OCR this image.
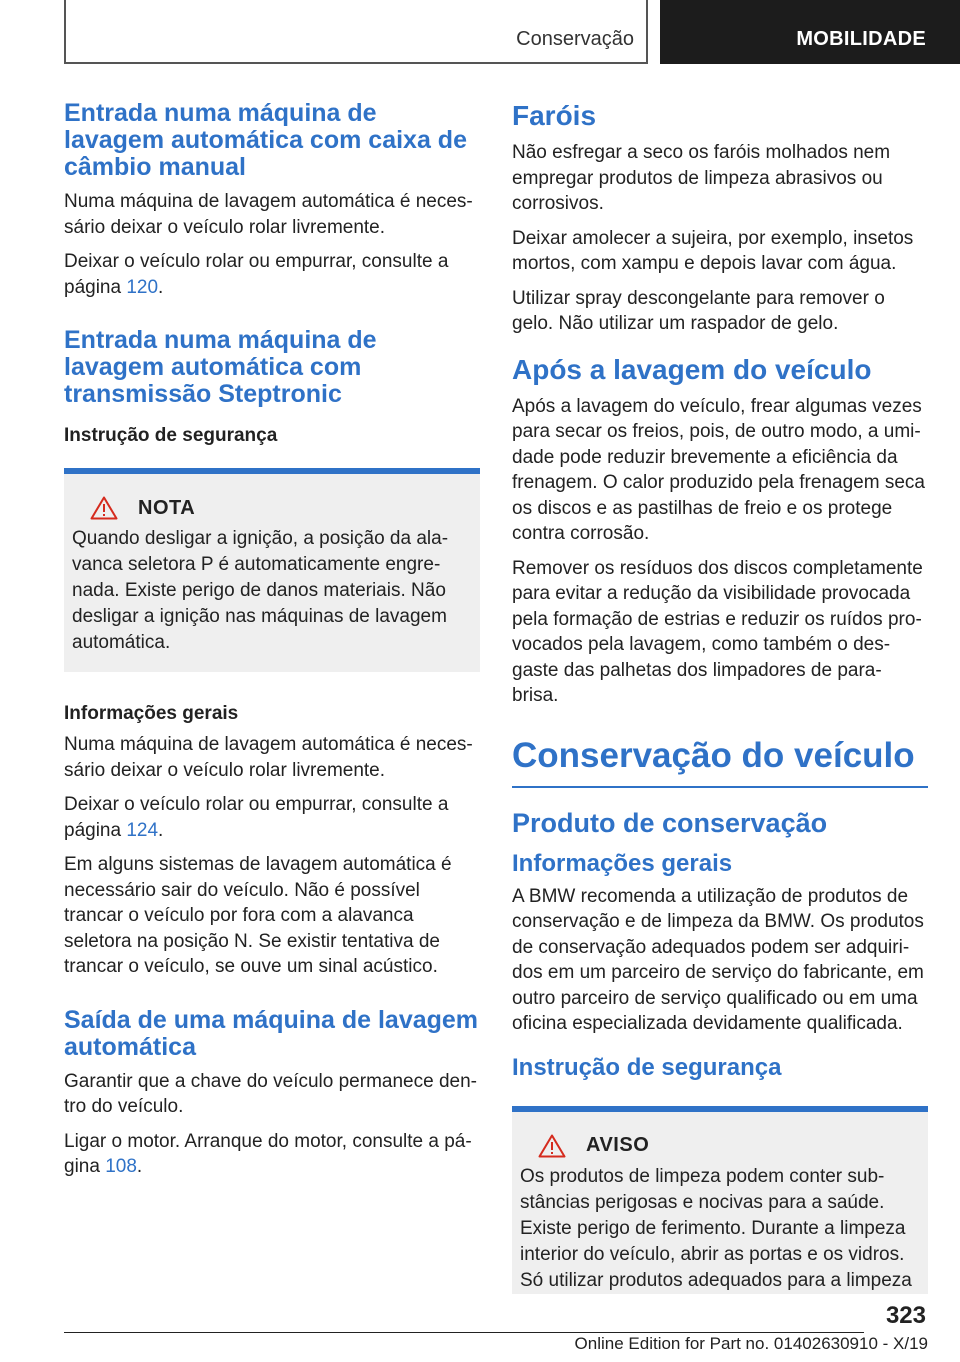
Conservação	MOBILIDADE
Entrada numa máquina de lavagem automática com caixa de câmbio manual
Numa máquina de lavagem automática é necessário deixar o veículo rolar livremente.
Deixar o veículo rolar ou empurrar, consulte a página 120.
Entrada numa máquina de lavagem automática com transmissão Steptronic
Instrução de segurança
NOTA
Quando desligar a ignição, a posição da alavanca seletora P é automaticamente engrenada. Existe perigo de danos materiais. Não desligar a ignição nas máquinas de lavagem automática.
Informações gerais
Numa máquina de lavagem automática é necessário deixar o veículo rolar livremente.
Deixar o veículo rolar ou empurrar, consulte a página 124.
Em alguns sistemas de lavagem automática é necessário sair do veículo. Não é possível trancar o veículo por fora com a alavanca seletora na posição N. Se existir tentativa de trancar o veículo, se ouve um sinal acústico.
Saída de uma máquina de lavagem automática
Garantir que a chave do veículo permanece dentro do veículo.
Ligar o motor. Arranque do motor, consulte a página 108.
Faróis
Não esfregar a seco os faróis molhados nem empregar produtos de limpeza abrasivos ou corrosivos.
Deixar amolecer a sujeira, por exemplo, insetos mortos, com xampu e depois lavar com água.
Utilizar spray descongelante para remover o gelo. Não utilizar um raspador de gelo.
Após a lavagem do veículo
Após a lavagem do veículo, frear algumas vezes para secar os freios, pois, de outro modo, a umidade pode reduzir brevemente a eficiência da frenagem. O calor produzido pela frenagem seca os discos e as pastilhas de freio e os protege contra corrosão.
Remover os resíduos dos discos completamente para evitar a redução da visibilidade provocada pela formação de estrias e reduzir os ruídos provocados pela lavagem, como também o desgaste das palhetas dos limpadores de para-brisa.
Conservação do veículo
Produto de conservação
Informações gerais
A BMW recomenda a utilização de produtos de conservação e de limpeza da BMW. Os produtos de conservação adequados podem ser adquiridos em um parceiro de serviço do fabricante, em outro parceiro de serviço qualificado ou em uma oficina especializada devidamente qualificada.
Instrução de segurança
AVISO
Os produtos de limpeza podem conter substâncias perigosas e nocivas para a saúde. Existe perigo de ferimento. Durante a limpeza interior do veículo, abrir as portas e os vidros. Só utilizar produtos adequados para a limpeza
323
Online Edition for Part no. 01402630910 - X/19
